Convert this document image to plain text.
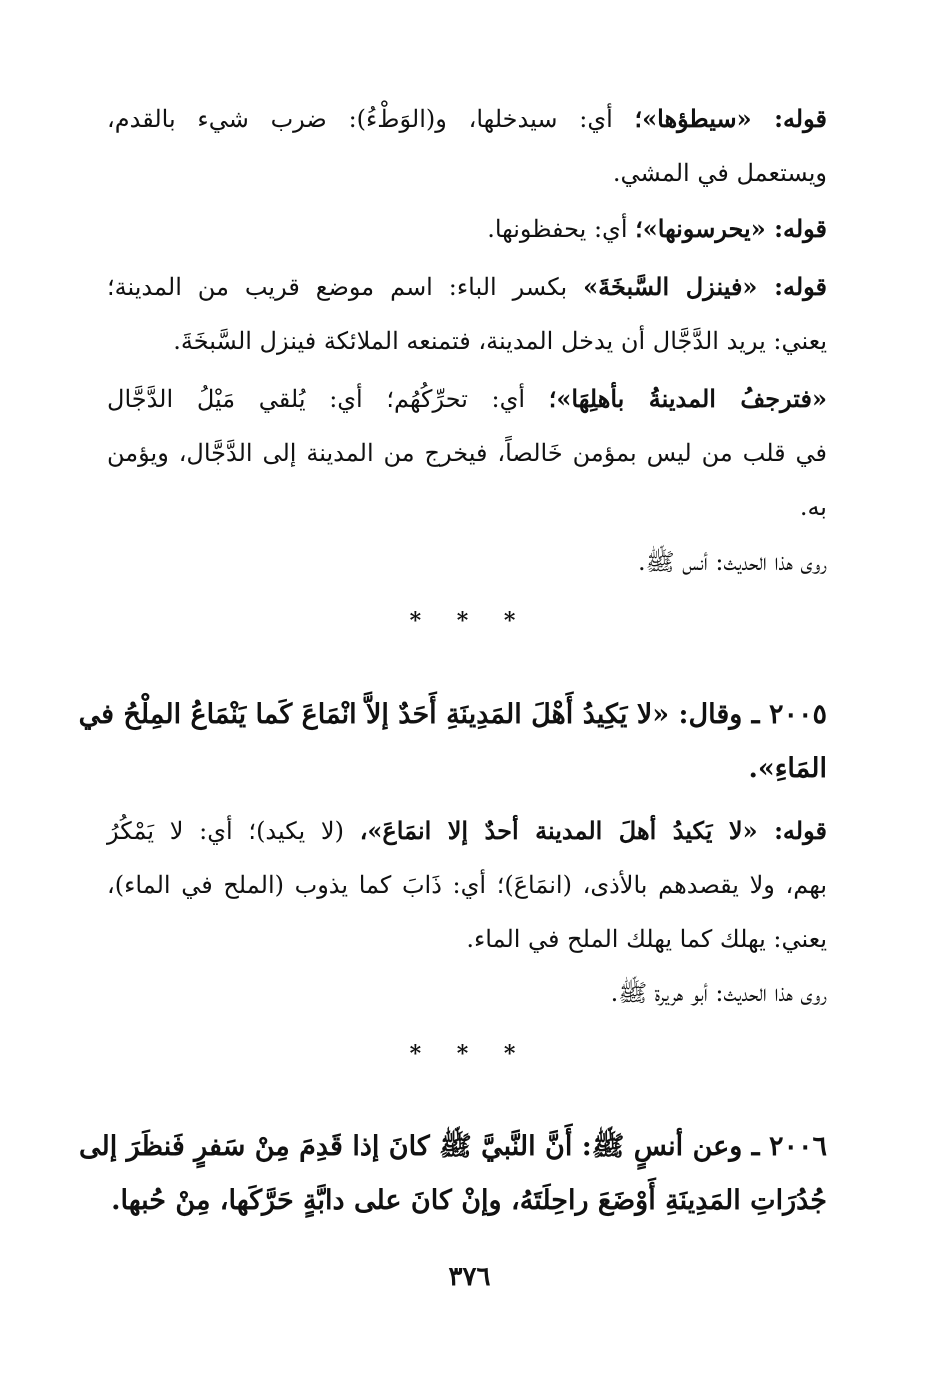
قوله: «سيطؤها»؛ أي: سيدخلها، و(الوَطْءُ): ضرب شيء بالقدم،
ويستعمل في المشي.
قوله: «يحرسونها»؛ أي: يحفظونها.
قوله: «فينزل السَّبخَةَ» بكسر الباء: اسم موضع قريب من المدينة؛
يعني: يريد الدَّجَّال أن يدخل المدينة، فتمنعه الملائكة فينزل السَّبخَةَ.
«فترجفُ المدينةُ بأهلِهَا»؛ أي: تحرِّكُهُم؛ أي: يُلقي مَيْلُ الدَّجَّال
في قلب من ليس بمؤمن خَالصاً، فيخرج من المدينة إلى الدَّجَّال، ويؤمن
به.
روى هذا الحديث: أنس ﷺ.
* * *
٢٠٠٥ ـ وقال: «لا يَكِيدُ أَهْلَ المَدِينَةِ أَحَدٌ إلاَّ انْمَاعَ كَما يَنْمَاعُ المِلْحُ في
المَاءِ».
قوله: «لا يَكيدُ أهلَ المدينة أحدٌ إلا انمَاعَ»، (لا يكيد)؛ أي: لا يَمْكُرُ
بهم، ولا يقصدهم بالأذى، (انمَاعَ)؛ أي: ذَابَ كما يذوب (الملح في الماء)،
يعني: يهلك كما يهلك الملح في الماء.
روى هذا الحديث: أبو هريرة ﷺ.
* * *
٢٠٠٦ ـ وعن أنسٍ ﷺ: أَنَّ النَّبيَّ ﷺ كانَ إذا قَدِمَ مِنْ سَفرٍ فَنظَرَ إلى
جُدُرَاتِ المَدِينَةِ أَوْضَعَ راحِلَتَهُ، وإنْ كانَ على دابَّةٍ حَرَّكَها، مِنْ حُبها.
٣٧٦
